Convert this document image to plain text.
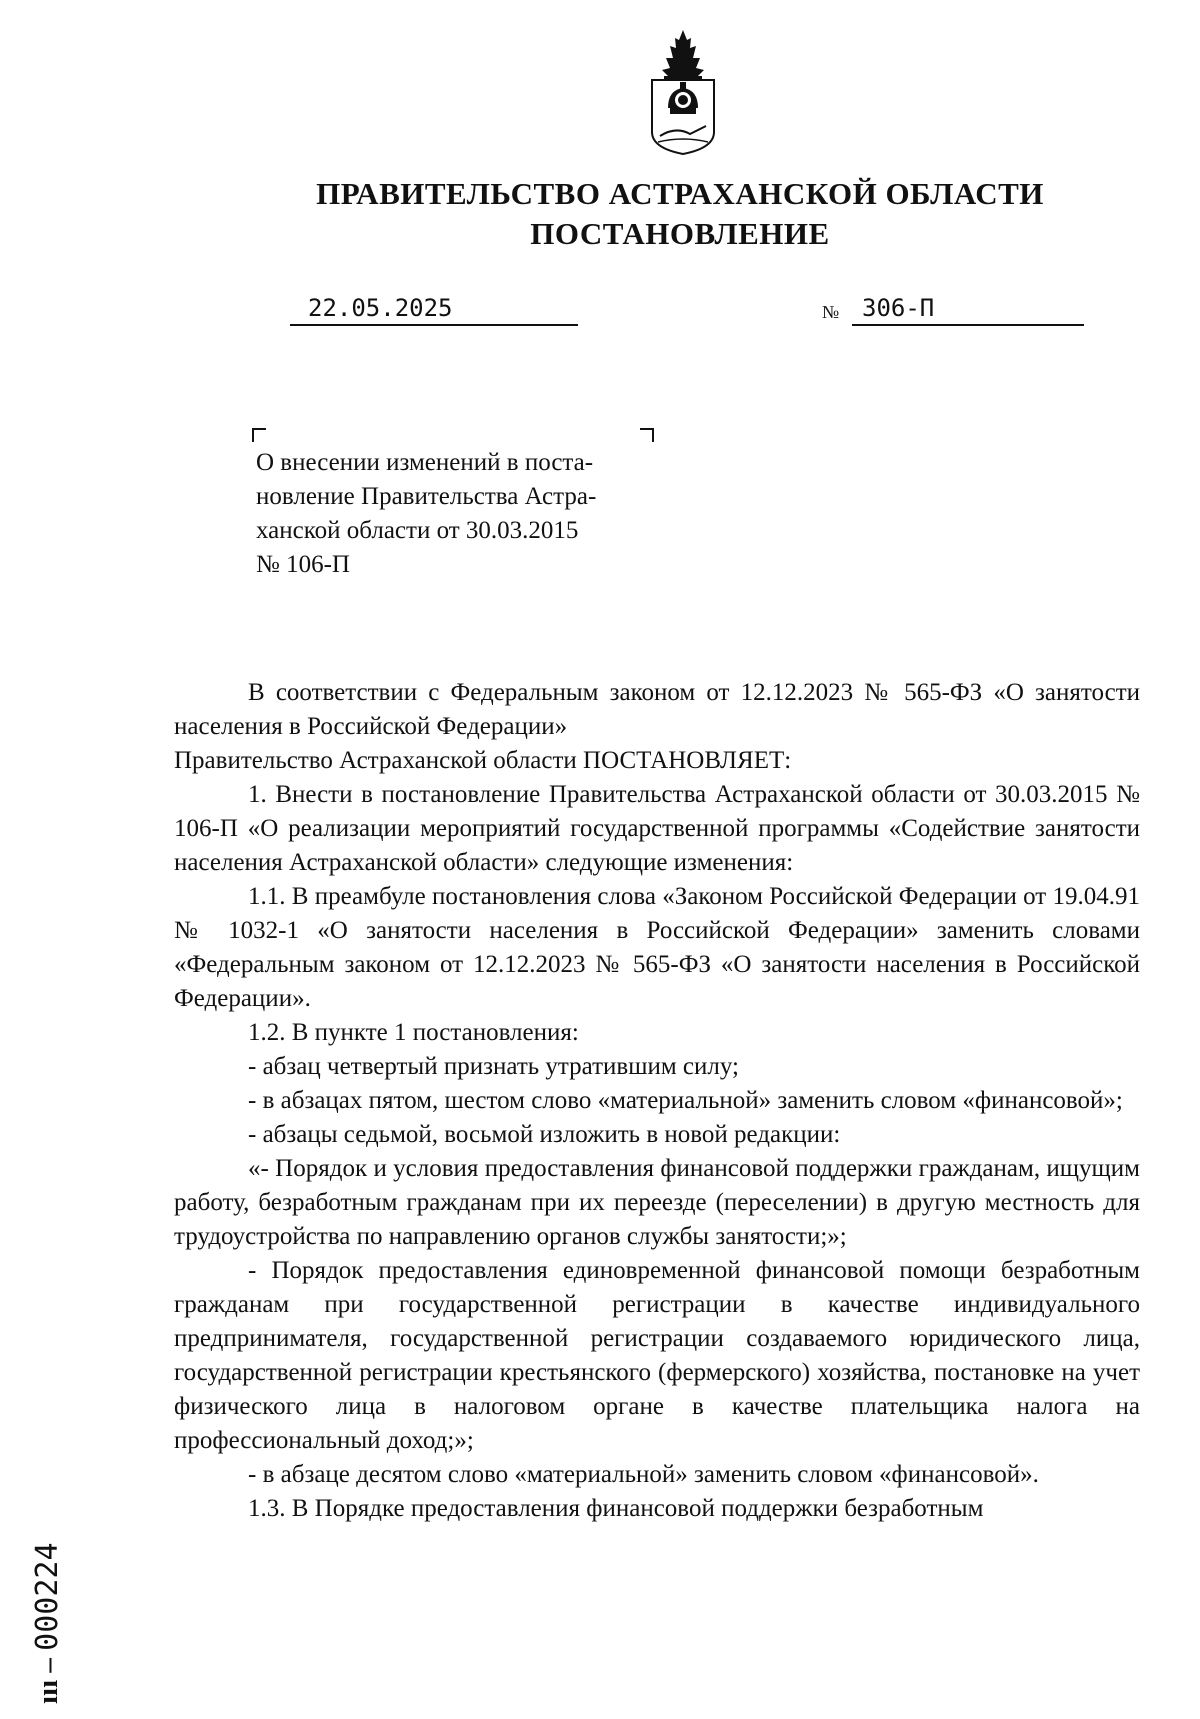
ПРАВИТЕЛЬСТВО АСТРАХАНСКОЙ ОБЛАСТИ
ПОСТАНОВЛЕНИЕ
22.05.2025	№ 306-П
О внесении изменений в поста-
новление Правительства Астра-
ханской области от 30.03.2015
№ 106-П

В соответствии с Федеральным законом от 12.12.2023 № 565-ФЗ «О занятости населения в Российской Федерации»

Правительство Астраханской области ПОСТАНОВЛЯЕТ:

1. Внести в постановление Правительства Астраханской области от 30.03.2015 № 106-П «О реализации мероприятий государственной программы «Содействие занятости населения Астраханской области» следующие изменения:

1.1. В преамбуле постановления слова «Законом Российской Федерации от 19.04.91 № 1032-1 «О занятости населения в Российской Федерации» заменить словами «Федеральным законом от 12.12.2023 № 565-ФЗ «О занятости населения в Российской Федерации».

1.2. В пункте 1 постановления:

- абзац четвертый признать утратившим силу;

- в абзацах пятом, шестом слово «материальной» заменить словом «финансовой»;

- абзацы седьмой, восьмой изложить в новой редакции:

«- Порядок и условия предоставления финансовой поддержки гражданам, ищущим работу, безработным гражданам при их переезде (переселении) в другую местность для трудоустройства по направлению органов службы занятости;»;

- Порядок предоставления единовременной финансовой помощи безработным гражданам при государственной регистрации в качестве индивидуального предпринимателя, государственной регистрации создаваемого юридического лица, государственной регистрации крестьянского (фермерского) хозяйства, постановке на учет физического лица в налоговом органе в качестве плательщика налога на профессиональный доход;»;

- в абзаце десятом слово «материальной» заменить словом «финансовой».

1.3. В Порядке предоставления финансовой поддержки безработным

ııı – 000224
